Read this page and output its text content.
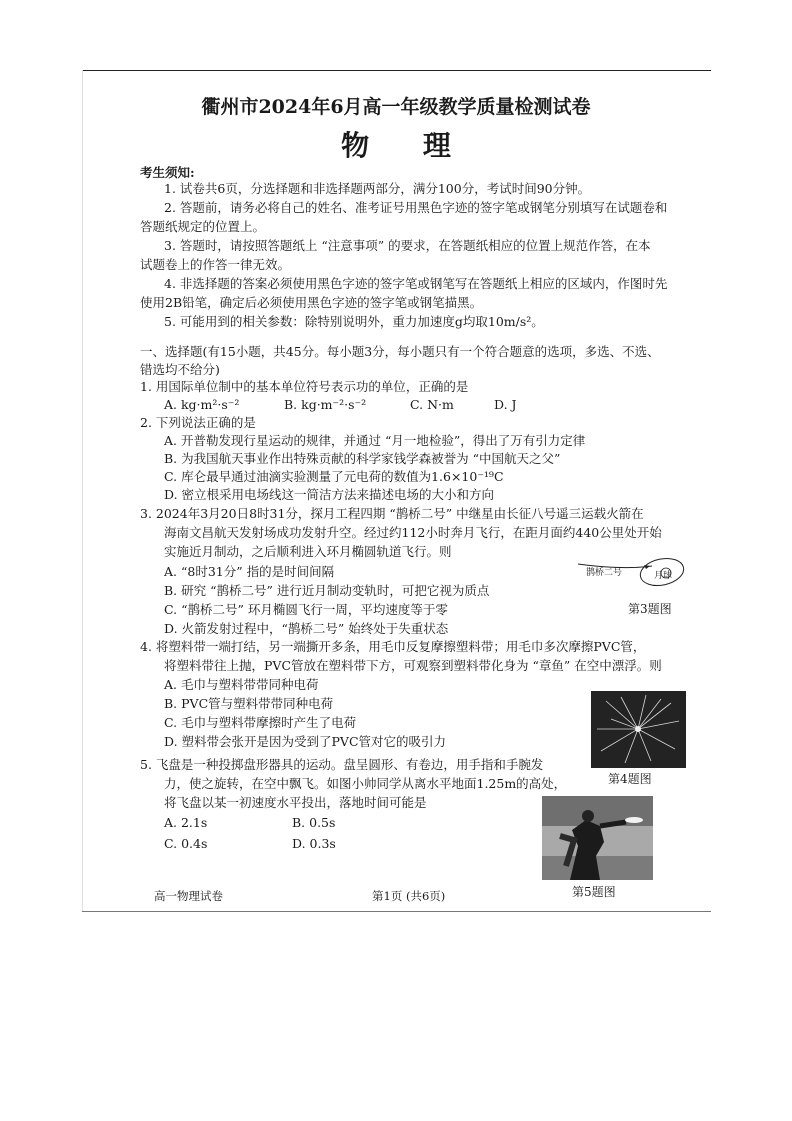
衢州市2024年6月高一年级教学质量检测试卷
物 理
考生须知:
1. 试卷共6页，分选择题和非选择题两部分，满分100分，考试时间90分钟。
2. 答题前，请务必将自己的姓名、准考证号用黑色字迹的签字笔或钢笔分别填写在试题卷和
答题纸规定的位置上。
3. 答题时，请按照答题纸上 “注意事项” 的要求，在答题纸相应的位置上规范作答，在本
试题卷上的作答一律无效。
4. 非选择题的答案必须使用黑色字迹的签字笔或钢笔写在答题纸上相应的区域内，作图时先
使用2B铅笔，确定后必须使用黑色字迹的签字笔或钢笔描黑。
5. 可能用到的相关参数：除特别说明外，重力加速度g均取10m/s²。
一、选择题(有15小题，共45分。每小题3分，每小题只有一个符合题意的选项，多选、不选、
错选均不给分)
1. 用国际单位制中的基本单位符号表示功的单位，正确的是
A. kg·m²·s⁻²	B. kg·m⁻²·s⁻²	C. N·m	D. J
2. 下列说法正确的是
A. 开普勒发现行星运动的规律，并通过 “月一地检验”，得出了万有引力定律
B. 为我国航天事业作出特殊贡献的科学家钱学森被誉为 “中国航天之父”
C. 库仑最早通过油滴实验测量了元电荷的数值为1.6×10⁻¹⁹C
D. 密立根采用电场线这一简洁方法来描述电场的大小和方向
3. 2024年3月20日8时31分，探月工程四期 “鹊桥二号” 中继星由长征八号遥三运载火箭在
海南文昌航天发射场成功发射升空。经过约112小时奔月飞行，在距月面约440公里处开始
实施近月制动，之后顺利进入环月椭圆轨道飞行。则
A. “8时31分” 指的是时间间隔
B. 研究 “鹊桥二号” 进行近月制动变轨时，可把它视为质点
C. “鹊桥二号” 环月椭圆飞行一周，平均速度等于零
D. 火箭发射过程中，“鹊桥二号” 始终处于失重状态
鹊桥二号	月球
第3题图
4. 将塑料带一端打结，另一端撕开多条，用毛巾反复摩擦塑料带；用毛巾多次摩擦PVC管，
将塑料带往上抛，PVC管放在塑料带下方，可观察到塑料带化身为 “章鱼” 在空中漂浮。则
A. 毛巾与塑料带带同种电荷
B. PVC管与塑料带带同种电荷
C. 毛巾与塑料带摩擦时产生了电荷
D. 塑料带会张开是因为受到了PVC管对它的吸引力
第4题图
5. 飞盘是一种投掷盘形器具的运动。盘呈圆形、有卷边，用手指和手腕发
力，使之旋转，在空中飘飞。如图小帅同学从离水平地面1.25m的高处，
将飞盘以某一初速度水平投出，落地时间可能是
A. 2.1s	B. 0.5s
C. 0.4s	D. 0.3s
第5题图
高一物理试卷	第1页 (共6页)
